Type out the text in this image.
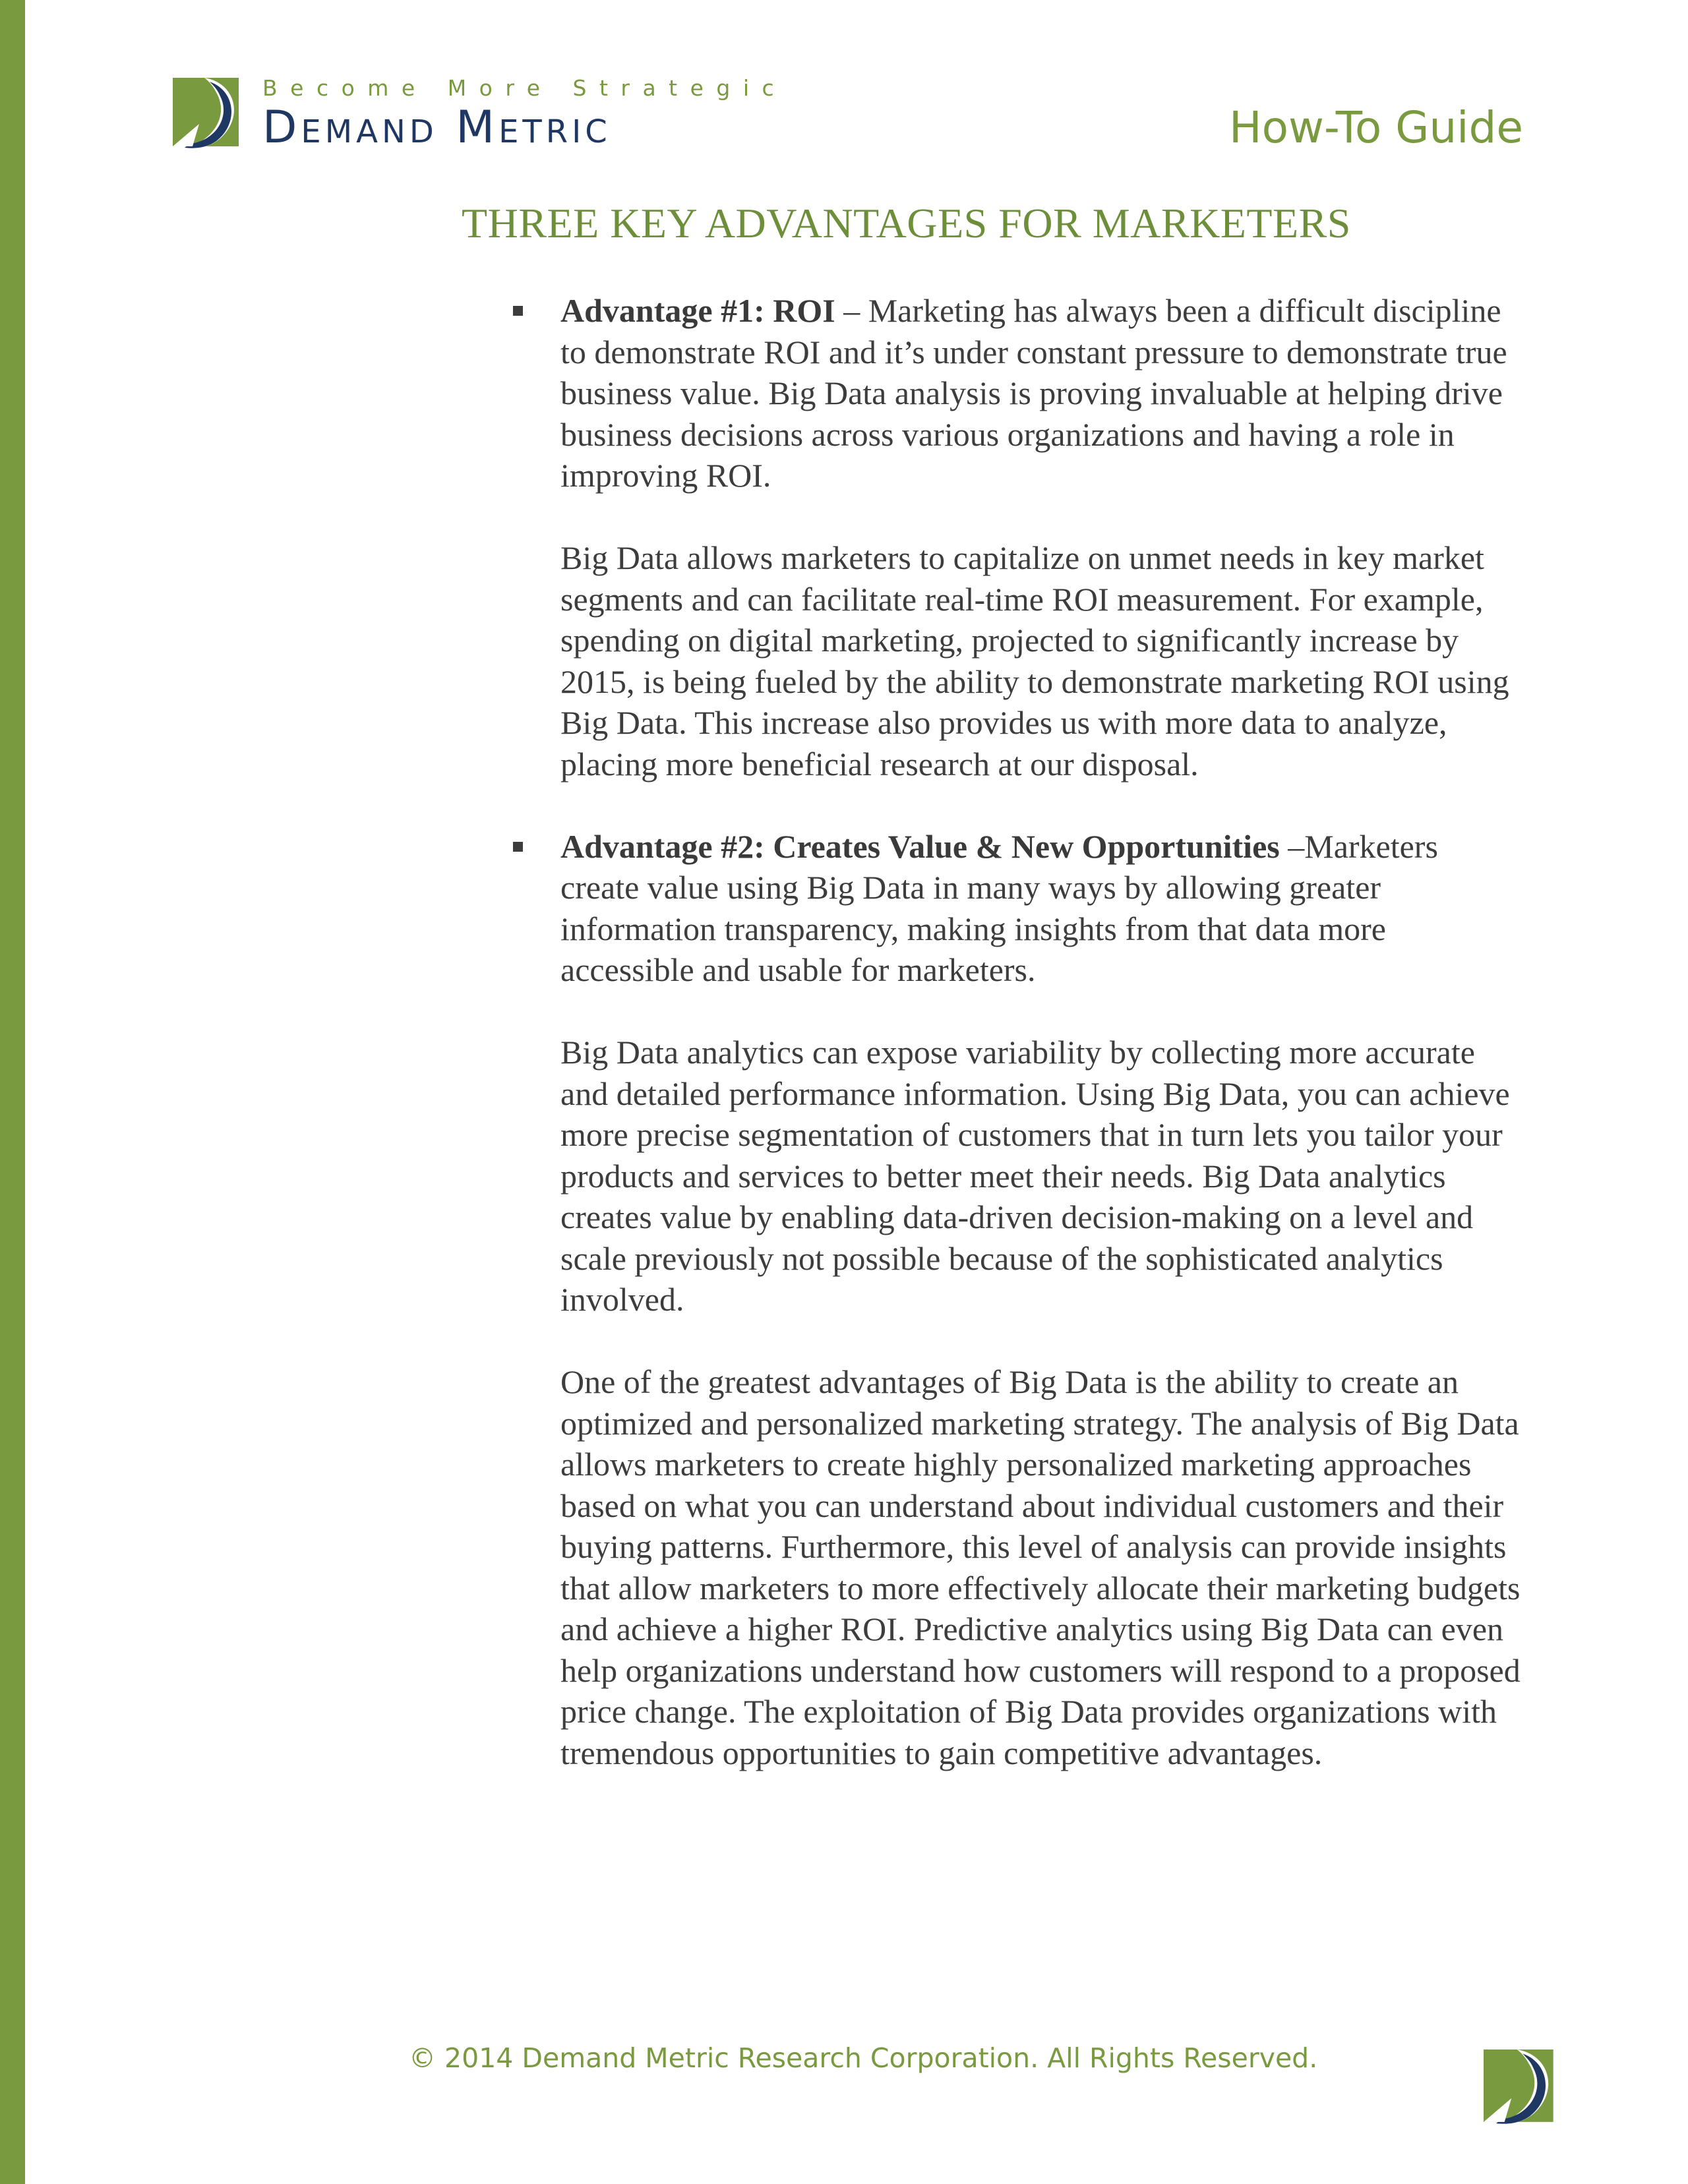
Become More Strategic
Demand Metric	How-To Guide
THREE KEY ADVANTAGES FOR MARKETERS

Advantage #1: ROI – Marketing has always been a difficult discipline to demonstrate ROI and it’s under constant pressure to demonstrate true business value. Big Data analysis is proving invaluable at helping drive business decisions across various organizations and having a role in improving ROI.

Big Data allows marketers to capitalize on unmet needs in key market segments and can facilitate real-time ROI measurement. For example, spending on digital marketing, projected to significantly increase by 2015, is being fueled by the ability to demonstrate marketing ROI using Big Data. This increase also provides us with more data to analyze, placing more beneficial research at our disposal.

Advantage #2: Creates Value & New Opportunities –Marketers create value using Big Data in many ways by allowing greater information transparency, making insights from that data more accessible and usable for marketers.

Big Data analytics can expose variability by collecting more accurate and detailed performance information. Using Big Data, you can achieve more precise segmentation of customers that in turn lets you tailor your products and services to better meet their needs. Big Data analytics creates value by enabling data-driven decision-making on a level and scale previously not possible because of the sophisticated analytics involved.

One of the greatest advantages of Big Data is the ability to create an optimized and personalized marketing strategy. The analysis of Big Data allows marketers to create highly personalized marketing approaches based on what you can understand about individual customers and their buying patterns. Furthermore, this level of analysis can provide insights that allow marketers to more effectively allocate their marketing budgets and achieve a higher ROI. Predictive analytics using Big Data can even help organizations understand how customers will respond to a proposed price change. The exploitation of Big Data provides organizations with tremendous opportunities to gain competitive advantages.

© 2014 Demand Metric Research Corporation. All Rights Reserved.
